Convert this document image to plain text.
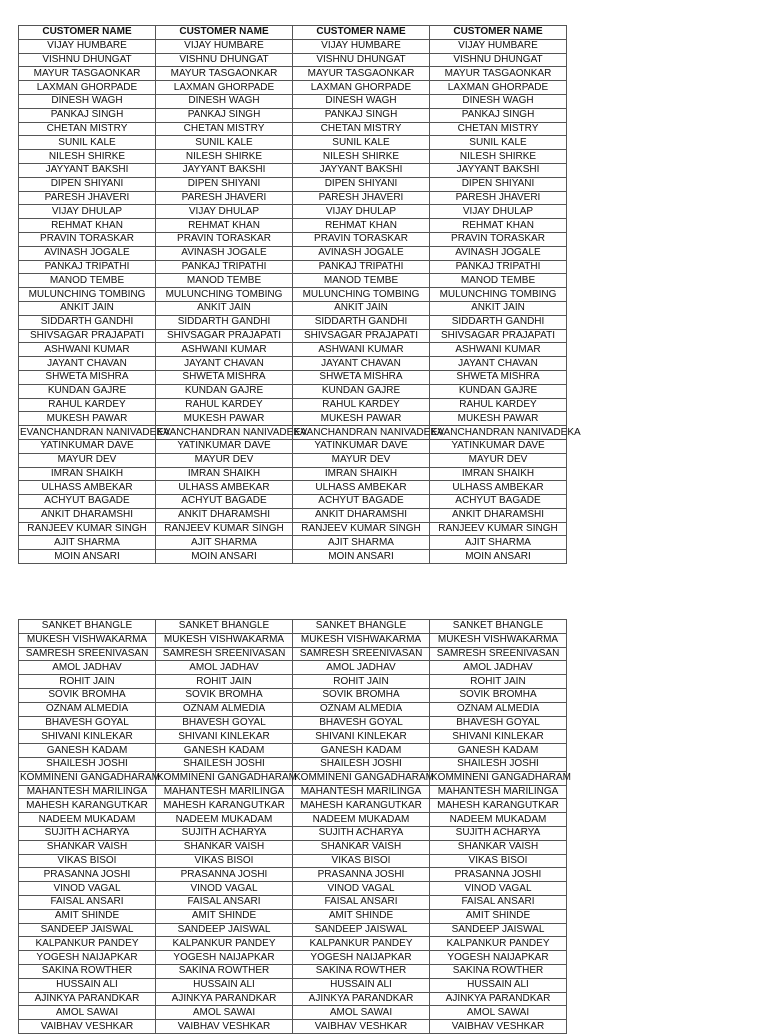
CUSTOMER NAME	CUSTOMER NAME	CUSTOMER NAME	CUSTOMER NAME
VIJAY HUMBARE	VIJAY HUMBARE	VIJAY HUMBARE	VIJAY HUMBARE
VISHNU DHUNGAT	VISHNU DHUNGAT	VISHNU DHUNGAT	VISHNU DHUNGAT
MAYUR TASGAONKAR	MAYUR TASGAONKAR	MAYUR TASGAONKAR	MAYUR TASGAONKAR
LAXMAN GHORPADE	LAXMAN GHORPADE	LAXMAN GHORPADE	LAXMAN GHORPADE
DINESH WAGH	DINESH WAGH	DINESH WAGH	DINESH WAGH
PANKAJ SINGH	PANKAJ SINGH	PANKAJ SINGH	PANKAJ SINGH
CHETAN MISTRY	CHETAN MISTRY	CHETAN MISTRY	CHETAN MISTRY
SUNIL KALE	SUNIL KALE	SUNIL KALE	SUNIL KALE
NILESH SHIRKE	NILESH SHIRKE	NILESH SHIRKE	NILESH SHIRKE
JAYYANT BAKSHI	JAYYANT BAKSHI	JAYYANT BAKSHI	JAYYANT BAKSHI
DIPEN SHIYANI	DIPEN SHIYANI	DIPEN SHIYANI	DIPEN SHIYANI
PARESH JHAVERI	PARESH JHAVERI	PARESH JHAVERI	PARESH JHAVERI
VIJAY DHULAP	VIJAY DHULAP	VIJAY DHULAP	VIJAY DHULAP
REHMAT KHAN	REHMAT KHAN	REHMAT KHAN	REHMAT KHAN
PRAVIN TORASKAR	PRAVIN TORASKAR	PRAVIN TORASKAR	PRAVIN TORASKAR
AVINASH JOGALE	AVINASH JOGALE	AVINASH JOGALE	AVINASH JOGALE
PANKAJ TRIPATHI	PANKAJ TRIPATHI	PANKAJ TRIPATHI	PANKAJ TRIPATHI
MANOD TEMBE	MANOD TEMBE	MANOD TEMBE	MANOD TEMBE
MULUNCHING TOMBING	MULUNCHING TOMBING	MULUNCHING TOMBING	MULUNCHING TOMBING
ANKIT JAIN	ANKIT JAIN	ANKIT JAIN	ANKIT JAIN
SIDDARTH GANDHI	SIDDARTH GANDHI	SIDDARTH GANDHI	SIDDARTH GANDHI
SHIVSAGAR PRAJAPATI	SHIVSAGAR PRAJAPATI	SHIVSAGAR PRAJAPATI	SHIVSAGAR PRAJAPATI
ASHWANI KUMAR	ASHWANI KUMAR	ASHWANI KUMAR	ASHWANI KUMAR
JAYANT CHAVAN	JAYANT CHAVAN	JAYANT CHAVAN	JAYANT CHAVAN
SHWETA MISHRA	SHWETA MISHRA	SHWETA MISHRA	SHWETA MISHRA
KUNDAN GAJRE	KUNDAN GAJRE	KUNDAN GAJRE	KUNDAN GAJRE
RAHUL KARDEY	RAHUL KARDEY	RAHUL KARDEY	RAHUL KARDEY
MUKESH PAWAR	MUKESH PAWAR	MUKESH PAWAR	MUKESH PAWAR
EVANCHANDRAN NANIVADEKA	EVANCHANDRAN NANIVADEKA	EVANCHANDRAN NANIVADEKA	EVANCHANDRAN NANIVADEKA
YATINKUMAR DAVE	YATINKUMAR DAVE	YATINKUMAR DAVE	YATINKUMAR DAVE
MAYUR DEV	MAYUR DEV	MAYUR DEV	MAYUR DEV
IMRAN SHAIKH	IMRAN SHAIKH	IMRAN SHAIKH	IMRAN SHAIKH
ULHASS AMBEKAR	ULHASS AMBEKAR	ULHASS AMBEKAR	ULHASS AMBEKAR
ACHYUT BAGADE	ACHYUT BAGADE	ACHYUT BAGADE	ACHYUT BAGADE
ANKIT DHARAMSHI	ANKIT DHARAMSHI	ANKIT DHARAMSHI	ANKIT DHARAMSHI
RANJEEV KUMAR SINGH	RANJEEV KUMAR SINGH	RANJEEV KUMAR SINGH	RANJEEV KUMAR SINGH
AJIT SHARMA	AJIT SHARMA	AJIT SHARMA	AJIT SHARMA
MOIN ANSARI	MOIN ANSARI	MOIN ANSARI	MOIN ANSARI
SANKET BHANGLE	SANKET BHANGLE	SANKET BHANGLE	SANKET BHANGLE
MUKESH VISHWAKARMA	MUKESH VISHWAKARMA	MUKESH VISHWAKARMA	MUKESH VISHWAKARMA
SAMRESH SREENIVASAN	SAMRESH SREENIVASAN	SAMRESH SREENIVASAN	SAMRESH SREENIVASAN
AMOL JADHAV	AMOL JADHAV	AMOL JADHAV	AMOL JADHAV
ROHIT JAIN	ROHIT JAIN	ROHIT JAIN	ROHIT JAIN
SOVIK BROMHA	SOVIK BROMHA	SOVIK BROMHA	SOVIK BROMHA
OZNAM ALMEDIA	OZNAM ALMEDIA	OZNAM ALMEDIA	OZNAM ALMEDIA
BHAVESH GOYAL	BHAVESH GOYAL	BHAVESH GOYAL	BHAVESH GOYAL
SHIVANI KINLEKAR	SHIVANI KINLEKAR	SHIVANI KINLEKAR	SHIVANI KINLEKAR
GANESH KADAM	GANESH KADAM	GANESH KADAM	GANESH KADAM
SHAILESH JOSHI	SHAILESH JOSHI	SHAILESH JOSHI	SHAILESH JOSHI
KOMMINENI GANGADHARAM	KOMMINENI GANGADHARAM	KOMMINENI GANGADHARAM	KOMMINENI GANGADHARAM
MAHANTESH MARILINGA	MAHANTESH MARILINGA	MAHANTESH MARILINGA	MAHANTESH MARILINGA
MAHESH KARANGUTKAR	MAHESH KARANGUTKAR	MAHESH KARANGUTKAR	MAHESH KARANGUTKAR
NADEEM MUKADAM	NADEEM MUKADAM	NADEEM MUKADAM	NADEEM MUKADAM
SUJITH ACHARYA	SUJITH ACHARYA	SUJITH ACHARYA	SUJITH ACHARYA
SHANKAR VAISH	SHANKAR VAISH	SHANKAR VAISH	SHANKAR VAISH
VIKAS BISOI	VIKAS BISOI	VIKAS BISOI	VIKAS BISOI
PRASANNA JOSHI	PRASANNA JOSHI	PRASANNA JOSHI	PRASANNA JOSHI
VINOD VAGAL	VINOD VAGAL	VINOD VAGAL	VINOD VAGAL
FAISAL ANSARI	FAISAL ANSARI	FAISAL ANSARI	FAISAL ANSARI
AMIT SHINDE	AMIT SHINDE	AMIT SHINDE	AMIT SHINDE
SANDEEP JAISWAL	SANDEEP JAISWAL	SANDEEP JAISWAL	SANDEEP JAISWAL
KALPANKUR PANDEY	KALPANKUR PANDEY	KALPANKUR PANDEY	KALPANKUR PANDEY
YOGESH NAIJAPKAR	YOGESH NAIJAPKAR	YOGESH NAIJAPKAR	YOGESH NAIJAPKAR
SAKINA ROWTHER	SAKINA ROWTHER	SAKINA ROWTHER	SAKINA ROWTHER
HUSSAIN ALI	HUSSAIN ALI	HUSSAIN ALI	HUSSAIN ALI
AJINKYA PARANDKAR	AJINKYA PARANDKAR	AJINKYA PARANDKAR	AJINKYA PARANDKAR
AMOL SAWAI	AMOL SAWAI	AMOL SAWAI	AMOL SAWAI
VAIBHAV VESHKAR	VAIBHAV VESHKAR	VAIBHAV VESHKAR	VAIBHAV VESHKAR
